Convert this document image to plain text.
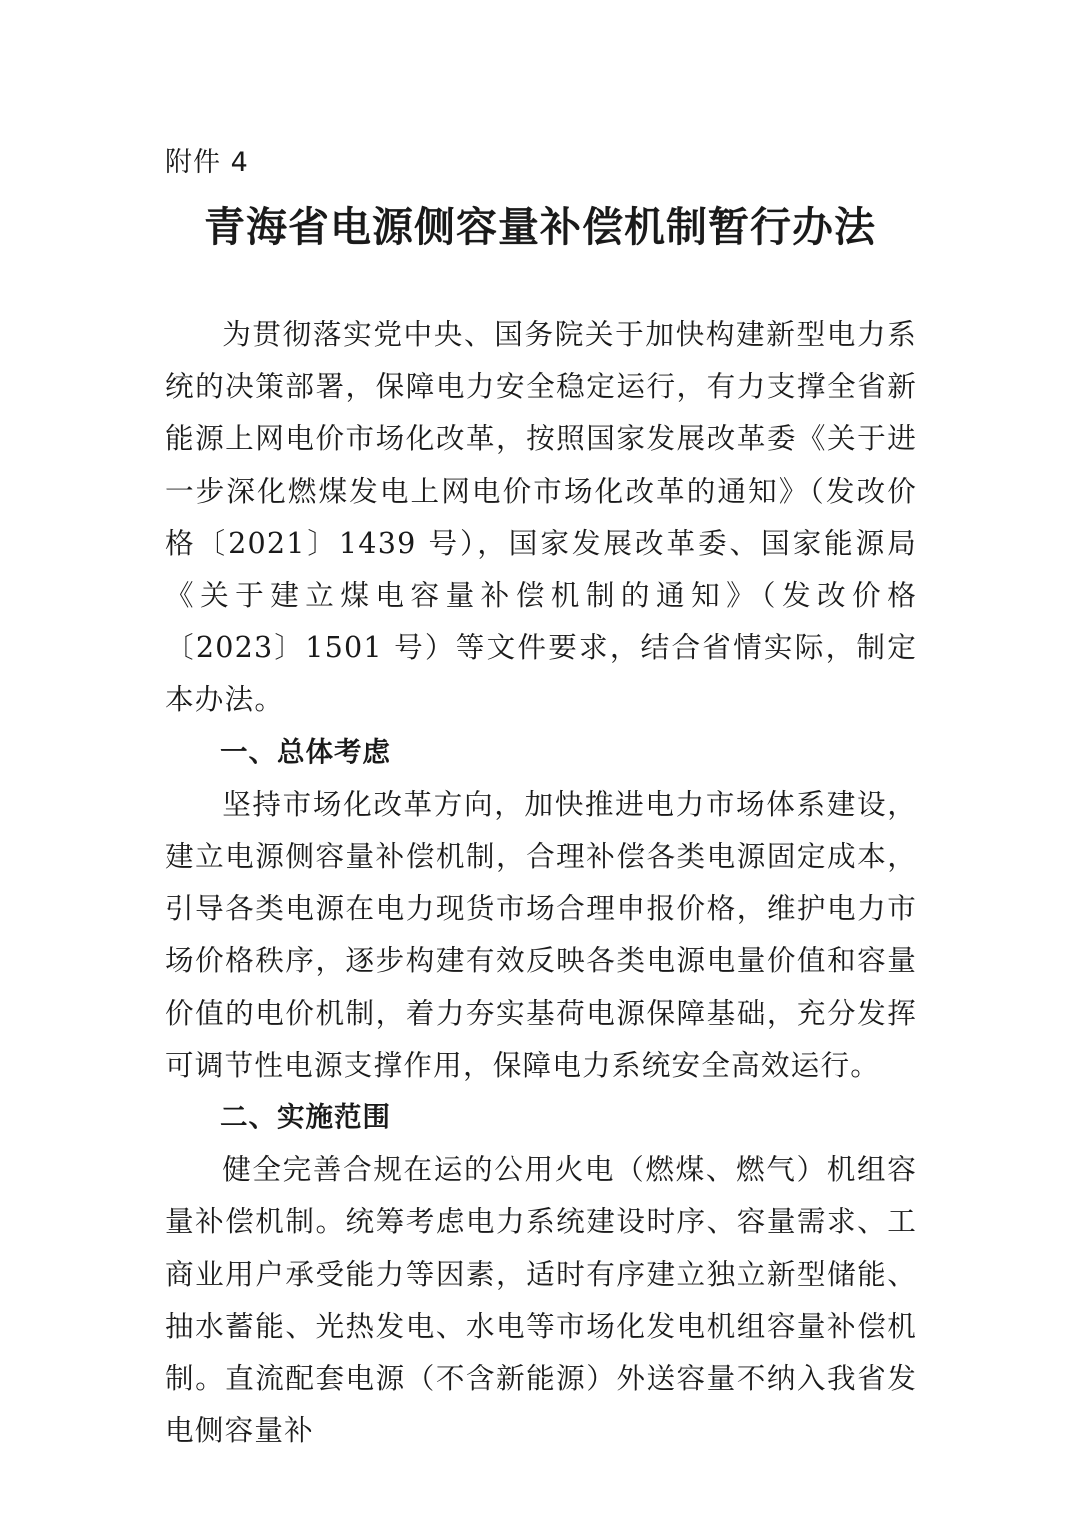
附件 4
青海省电源侧容量补偿机制暂行办法

为贯彻落实党中央、国务院关于加快构建新型电力系统的决策部署，保障电力安全稳定运行，有力支撑全省新能源上网电价市场化改革，按照国家发展改革委《关于进一步深化燃煤发电上网电价市场化改革的通知》（发改价格〔2021〕1439 号），国家发展改革委、国家能源局《关于建立煤电容量补偿机制的通知》（发改价格〔2023〕1501 号）等文件要求，结合省情实际，制定本办法。

一、总体考虑

坚持市场化改革方向，加快推进电力市场体系建设，建立电源侧容量补偿机制，合理补偿各类电源固定成本，引导各类电源在电力现货市场合理申报价格，维护电力市场价格秩序，逐步构建有效反映各类电源电量价值和容量价值的电价机制，着力夯实基荷电源保障基础，充分发挥可调节性电源支撑作用，保障电力系统安全高效运行。

二、实施范围

健全完善合规在运的公用火电（燃煤、燃气）机组容量补偿机制。统筹考虑电力系统建设时序、容量需求、工商业用户承受能力等因素，适时有序建立独立新型储能、抽水蓄能、光热发电、水电等市场化发电机组容量补偿机制。直流配套电源（不含新能源）外送容量不纳入我省发电侧容量补
